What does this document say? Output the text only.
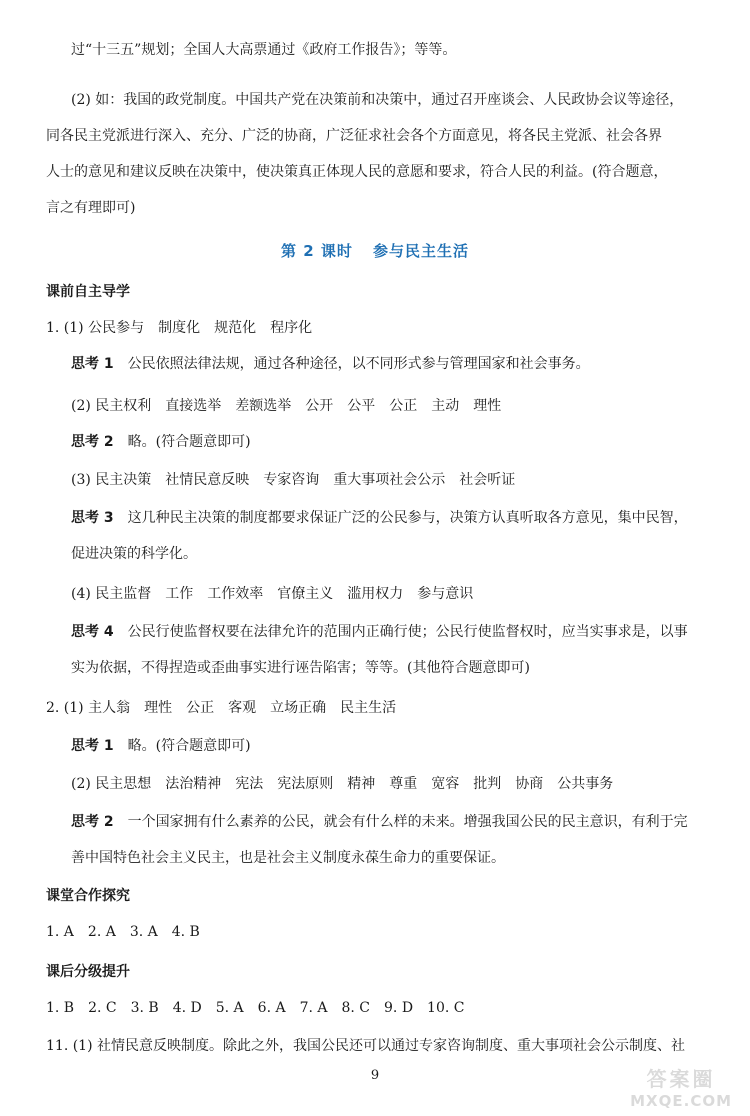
过“十三五”规划；全国人大高票通过《政府工作报告》；等等。
(2) 如：我国的政党制度。中国共产党在决策前和决策中，通过召开座谈会、人民政协会议等途径，
同各民主党派进行深入、充分、广泛的协商，广泛征求社会各个方面意见，将各民主党派、社会各界
人士的意见和建议反映在决策中，使决策真正体现人民的意愿和要求，符合人民的利益。(符合题意，
言之有理即可)
第 2 课时 参与民主生活
课前自主导学
1. (1) 公民参与　制度化　规范化　程序化
思考 1　 公民依照法律法规，通过各种途径，以不同形式参与管理国家和社会事务。
(2) 民主权利　直接选举　差额选举　公开　公平　公正　主动　理性
思考 2　 略。(符合题意即可)
(3) 民主决策　社情民意反映　专家咨询　重大事项社会公示　社会听证
思考 3　 这几种民主决策的制度都要求保证广泛的公民参与，决策方认真听取各方意见，集中民智，
促进决策的科学化。
(4) 民主监督　工作　工作效率　官僚主义　滥用权力　参与意识
思考 4　 公民行使监督权要在法律允许的范围内正确行使；公民行使监督权时，应当实事求是，以事
实为依据，不得捏造或歪曲事实进行诬告陷害；等等。(其他符合题意即可)
2. (1) 主人翁　理性　公正　客观　立场正确　民主生活
思考 1　 略。(符合题意即可)
(2) 民主思想　法治精神　宪法　宪法原则　精神　尊重　宽容　批判　协商　公共事务
思考 2　 一个国家拥有什么素养的公民，就会有什么样的未来。增强我国公民的民主意识，有利于完
善中国特色社会主义民主，也是社会主义制度永葆生命力的重要保证。
课堂合作探究
1. A　2. A　3. A　4. B
课后分级提升
1. B　2. C　3. B　4. D　5. A　6. A　7. A　8. C　9. D　10. C
11. (1) 社情民意反映制度。除此之外，我国公民还可以通过专家咨询制度、重大事项社会公示制度、社
9	答案圈
MXQE.COM
